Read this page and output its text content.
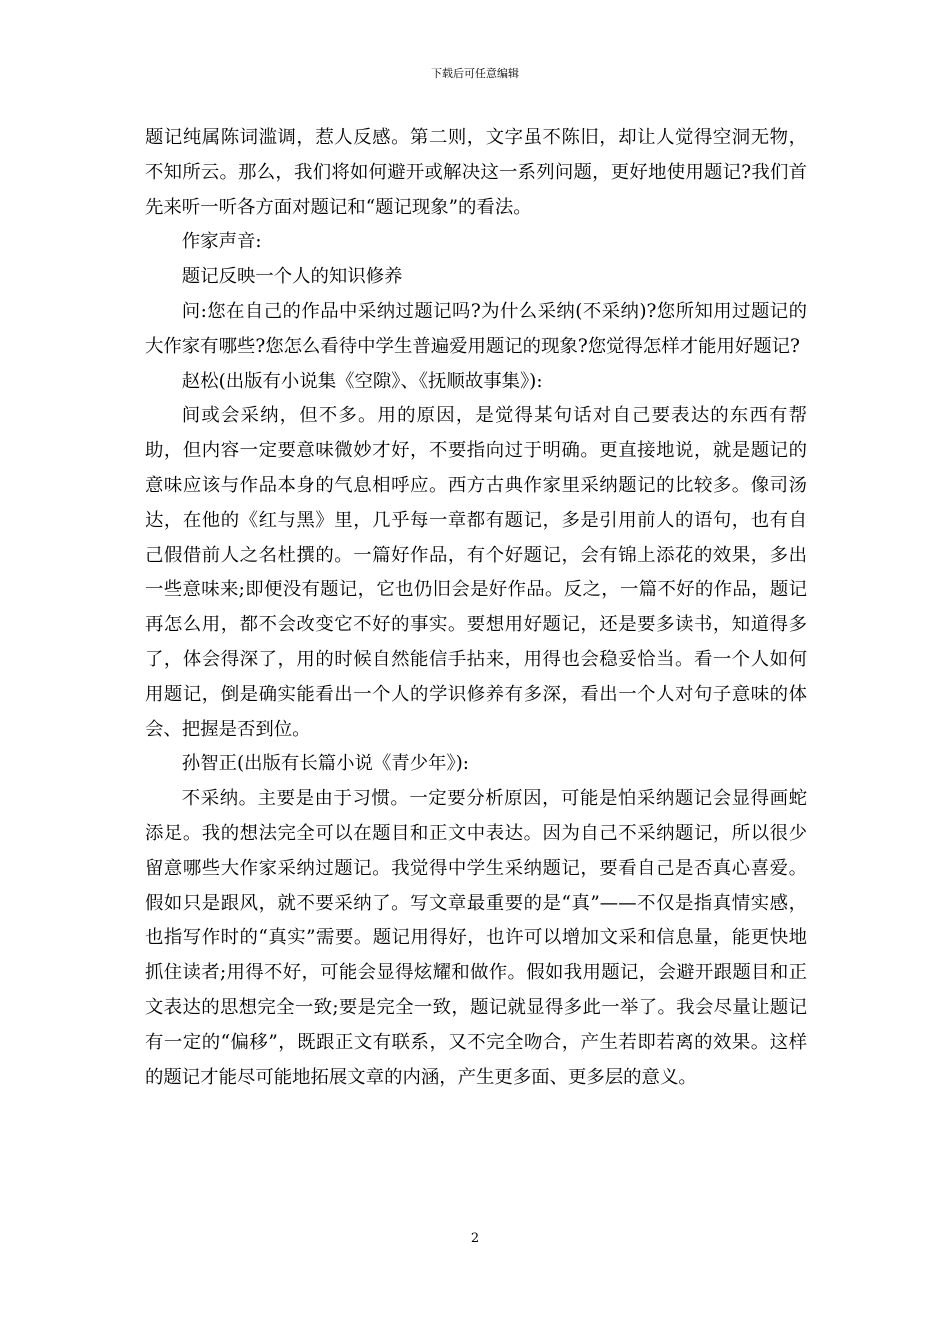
下载后可任意编辑

题记纯属陈词滥调，惹人反感。第二则，文字虽不陈旧，却让人觉得空洞无物，不知所云。那么，我们将如何避开或解决这一系列问题，更好地使用题记?我们首先来听一听各方面对题记和“题记现象”的看法。

作家声音:

题记反映一个人的知识修养

问:您在自己的作品中采纳过题记吗?为什么采纳(不采纳)?您所知用过题记的大作家有哪些?您怎么看待中学生普遍爱用题记的现象?您觉得怎样才能用好题记?

赵松(出版有小说集《空隙》、《抚顺故事集》):

间或会采纳，但不多。用的原因，是觉得某句话对自己要表达的东西有帮助，但内容一定要意味微妙才好，不要指向过于明确。更直接地说，就是题记的意味应该与作品本身的气息相呼应。西方古典作家里采纳题记的比较多。像司汤达，在他的《红与黑》里，几乎每一章都有题记，多是引用前人的语句，也有自己假借前人之名杜撰的。一篇好作品，有个好题记，会有锦上添花的效果，多出一些意味来;即便没有题记，它也仍旧会是好作品。反之，一篇不好的作品，题记再怎么用，都不会改变它不好的事实。要想用好题记，还是要多读书，知道得多了，体会得深了，用的时候自然能信手拈来，用得也会稳妥恰当。看一个人如何用题记，倒是确实能看出一个人的学识修养有多深，看出一个人对句子意味的体会、把握是否到位。

孙智正(出版有长篇小说《青少年》):

不采纳。主要是由于习惯。一定要分析原因，可能是怕采纳题记会显得画蛇添足。我的想法完全可以在题目和正文中表达。因为自己不采纳题记，所以很少留意哪些大作家采纳过题记。我觉得中学生采纳题记，要看自己是否真心喜爱。假如只是跟风，就不要采纳了。写文章最重要的是“真”——不仅是指真情实感，也指写作时的“真实”需要。题记用得好，也许可以增加文采和信息量，能更快地抓住读者;用得不好，可能会显得炫耀和做作。假如我用题记，会避开跟题目和正文表达的思想完全一致;要是完全一致，题记就显得多此一举了。我会尽量让题记有一定的“偏移”，既跟正文有联系，又不完全吻合，产生若即若离的效果。这样的题记才能尽可能地拓展文章的内涵，产生更多面、更多层的意义。

2
